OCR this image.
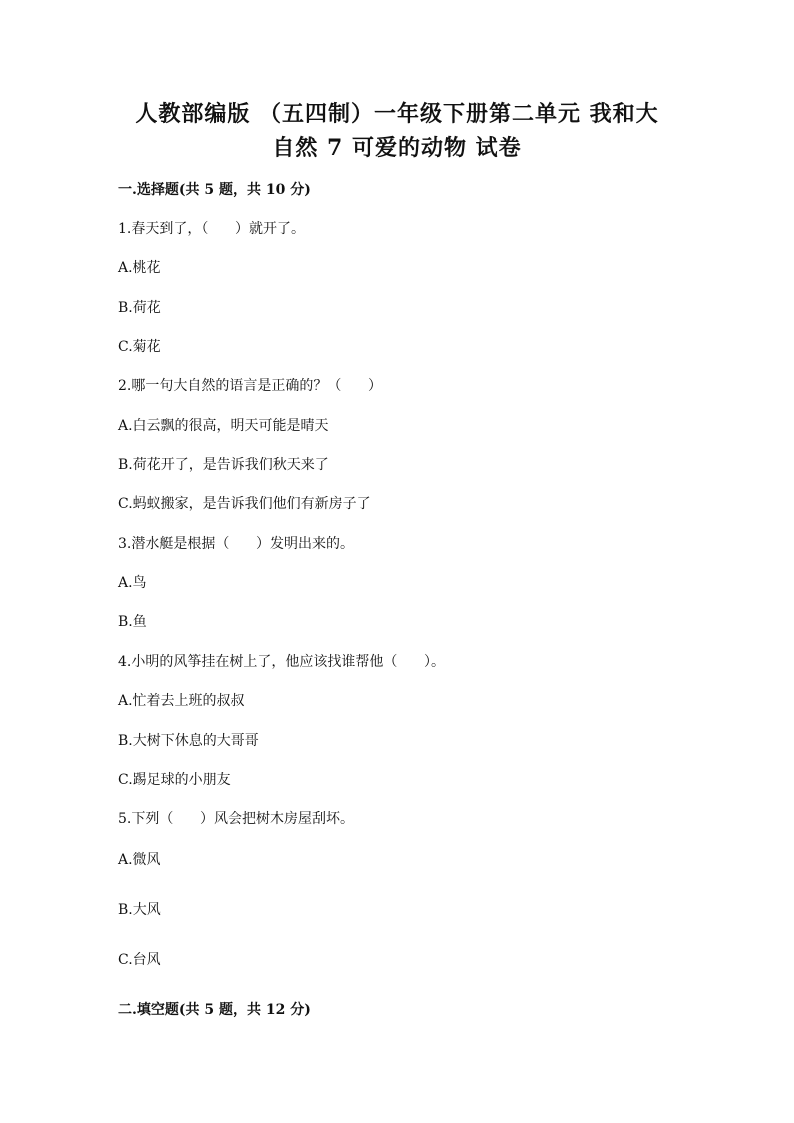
人教部编版 （五四制）一年级下册第二单元 我和大
自然 7 可爱的动物 试卷
一.选择题(共 5 题，共 10 分)
1.春天到了，（      ）就开了。
A.桃花
B.荷花
C.菊花
2.哪一句大自然的语言是正确的？（      ）
A.白云飘的很高，明天可能是晴天
B.荷花开了，是告诉我们秋天来了
C.蚂蚁搬家，是告诉我们他们有新房子了
3.潜水艇是根据（      ）发明出来的。
A.鸟
B.鱼
4.小明的风筝挂在树上了，他应该找谁帮他（      ）。
A.忙着去上班的叔叔
B.大树下休息的大哥哥
C.踢足球的小朋友
5.下列（      ）风会把树木房屋刮坏。
A.微风
B.大风
C.台风
二.填空题(共 5 题，共 12 分)
